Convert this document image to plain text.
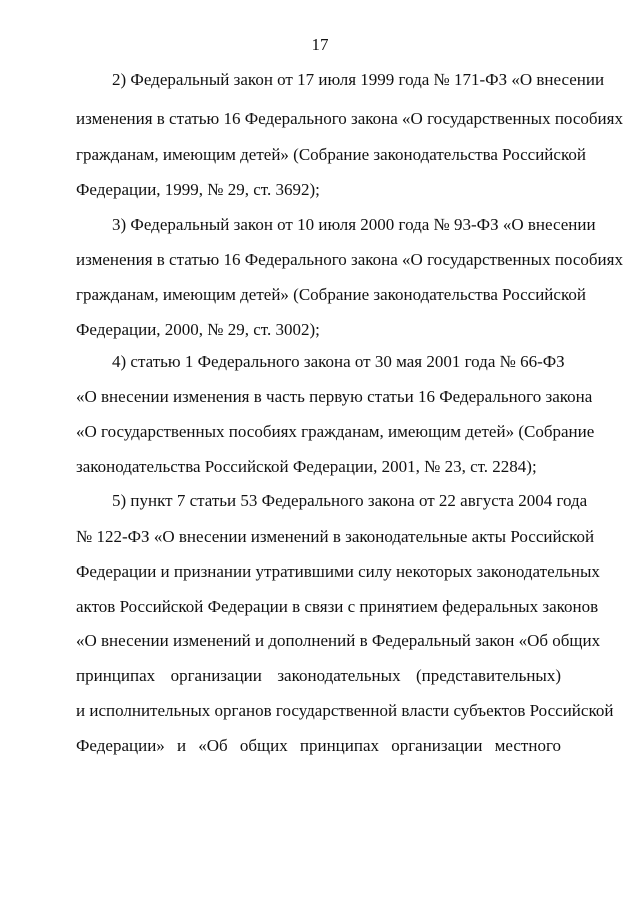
17
2) Федеральный закон от 17 июля 1999 года № 171-ФЗ «О внесении
изменения в статью 16 Федерального закона «О государственных пособиях
гражданам, имеющим детей» (Собрание законодательства Российской
Федерации, 1999, № 29, ст. 3692);
3) Федеральный закон от 10 июля 2000 года № 93-ФЗ «О внесении
изменения в статью 16 Федерального закона «О государственных пособиях
гражданам, имеющим детей» (Собрание законодательства Российской
Федерации, 2000, № 29, ст. 3002);
4) статью 1 Федерального закона от 30 мая 2001 года № 66-ФЗ
«О внесении изменения в часть первую статьи 16 Федерального закона
«О государственных пособиях гражданам, имеющим детей» (Собрание
законодательства Российской Федерации, 2001, № 23, ст. 2284);
5) пункт 7 статьи 53 Федерального закона от 22 августа 2004 года
№ 122-ФЗ «О внесении изменений в законодательные акты Российской
Федерации и признании утратившими силу некоторых законодательных
актов Российской Федерации в связи с принятием федеральных законов
«О внесении изменений и дополнений в Федеральный закон «Об общих
принципах организации законодательных (представительных)
и исполнительных органов государственной власти субъектов Российской
Федерации» и «Об общих принципах организации местного
